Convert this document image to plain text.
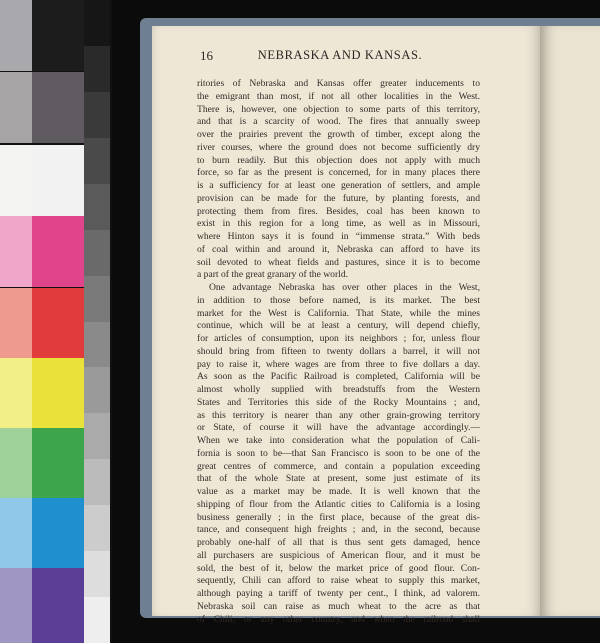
16	NEBRASKA AND KANSAS.
ritories of Nebraska and Kansas offer greater inducements to
the emigrant than most, if not all other localities in the West.
There is, however, one objection to some parts of this territory,
and that is a scarcity of wood. The fires that annually sweep
over the prairies prevent the growth of timber, except along the
river courses, where the ground does not become sufficiently dry
to burn readily. But this objection does not apply with much
force, so far as the present is concerned, for in many places there
is a sufficiency for at least one generation of settlers, and ample
provision can be made for the future, by planting forests, and
protecting them from fires. Besides, coal has been known to
exist in this region for a long time, as well as in Missouri,
where Hinton says it is found in “immense strata.” With beds
of coal within and around it, Nebraska can afford to have its
soil devoted to wheat fields and pastures, since it is to become
a part of the great granary of the world.
One advantage Nebraska has over other places in the West,
in addition to those before named, is its market. The best
market for the West is California. That State, while the mines
continue, which will be at least a century, will depend chiefly,
for articles of consumption, upon its neighbors ; for, unless flour
should bring from fifteen to twenty dollars a barrel, it will not
pay to raise it, where wages are from three to five dollars a day.
As soon as the Pacific Railroad is completed, California will be
almost wholly supplied with breadstuffs from the Western
States and Territories this side of the Rocky Mountains ; and,
as this territory is nearer than any other grain-growing territory
or State, of course it will have the advantage accordingly.—
When we take into consideration what the population of Cali-
fornia is soon to be—that San Francisco is soon to be one of the
great centres of commerce, and contain a population exceeding
that of the whole State at present, some just estimate of its
value as a market may be made. It is well known that the
shipping of flour from the Atlantic cities to California is a losing
business generally ; in the first place, because of the great dis-
tance, and consequent high freights ; and, in the second, because
probably one-half of all that is thus sent gets damaged, hence
all purchasers are suspicious of American flour, and it must be
sold, the best of it, below the market price of good flour. Con-
sequently, Chili can afford to raise wheat to supply this market,
although paying a tariff of twenty per cent., I think, ad valorem.
Nebraska soil can raise as much wheat to the acre as that
of Chili, or any other country, and when the railroad shall
